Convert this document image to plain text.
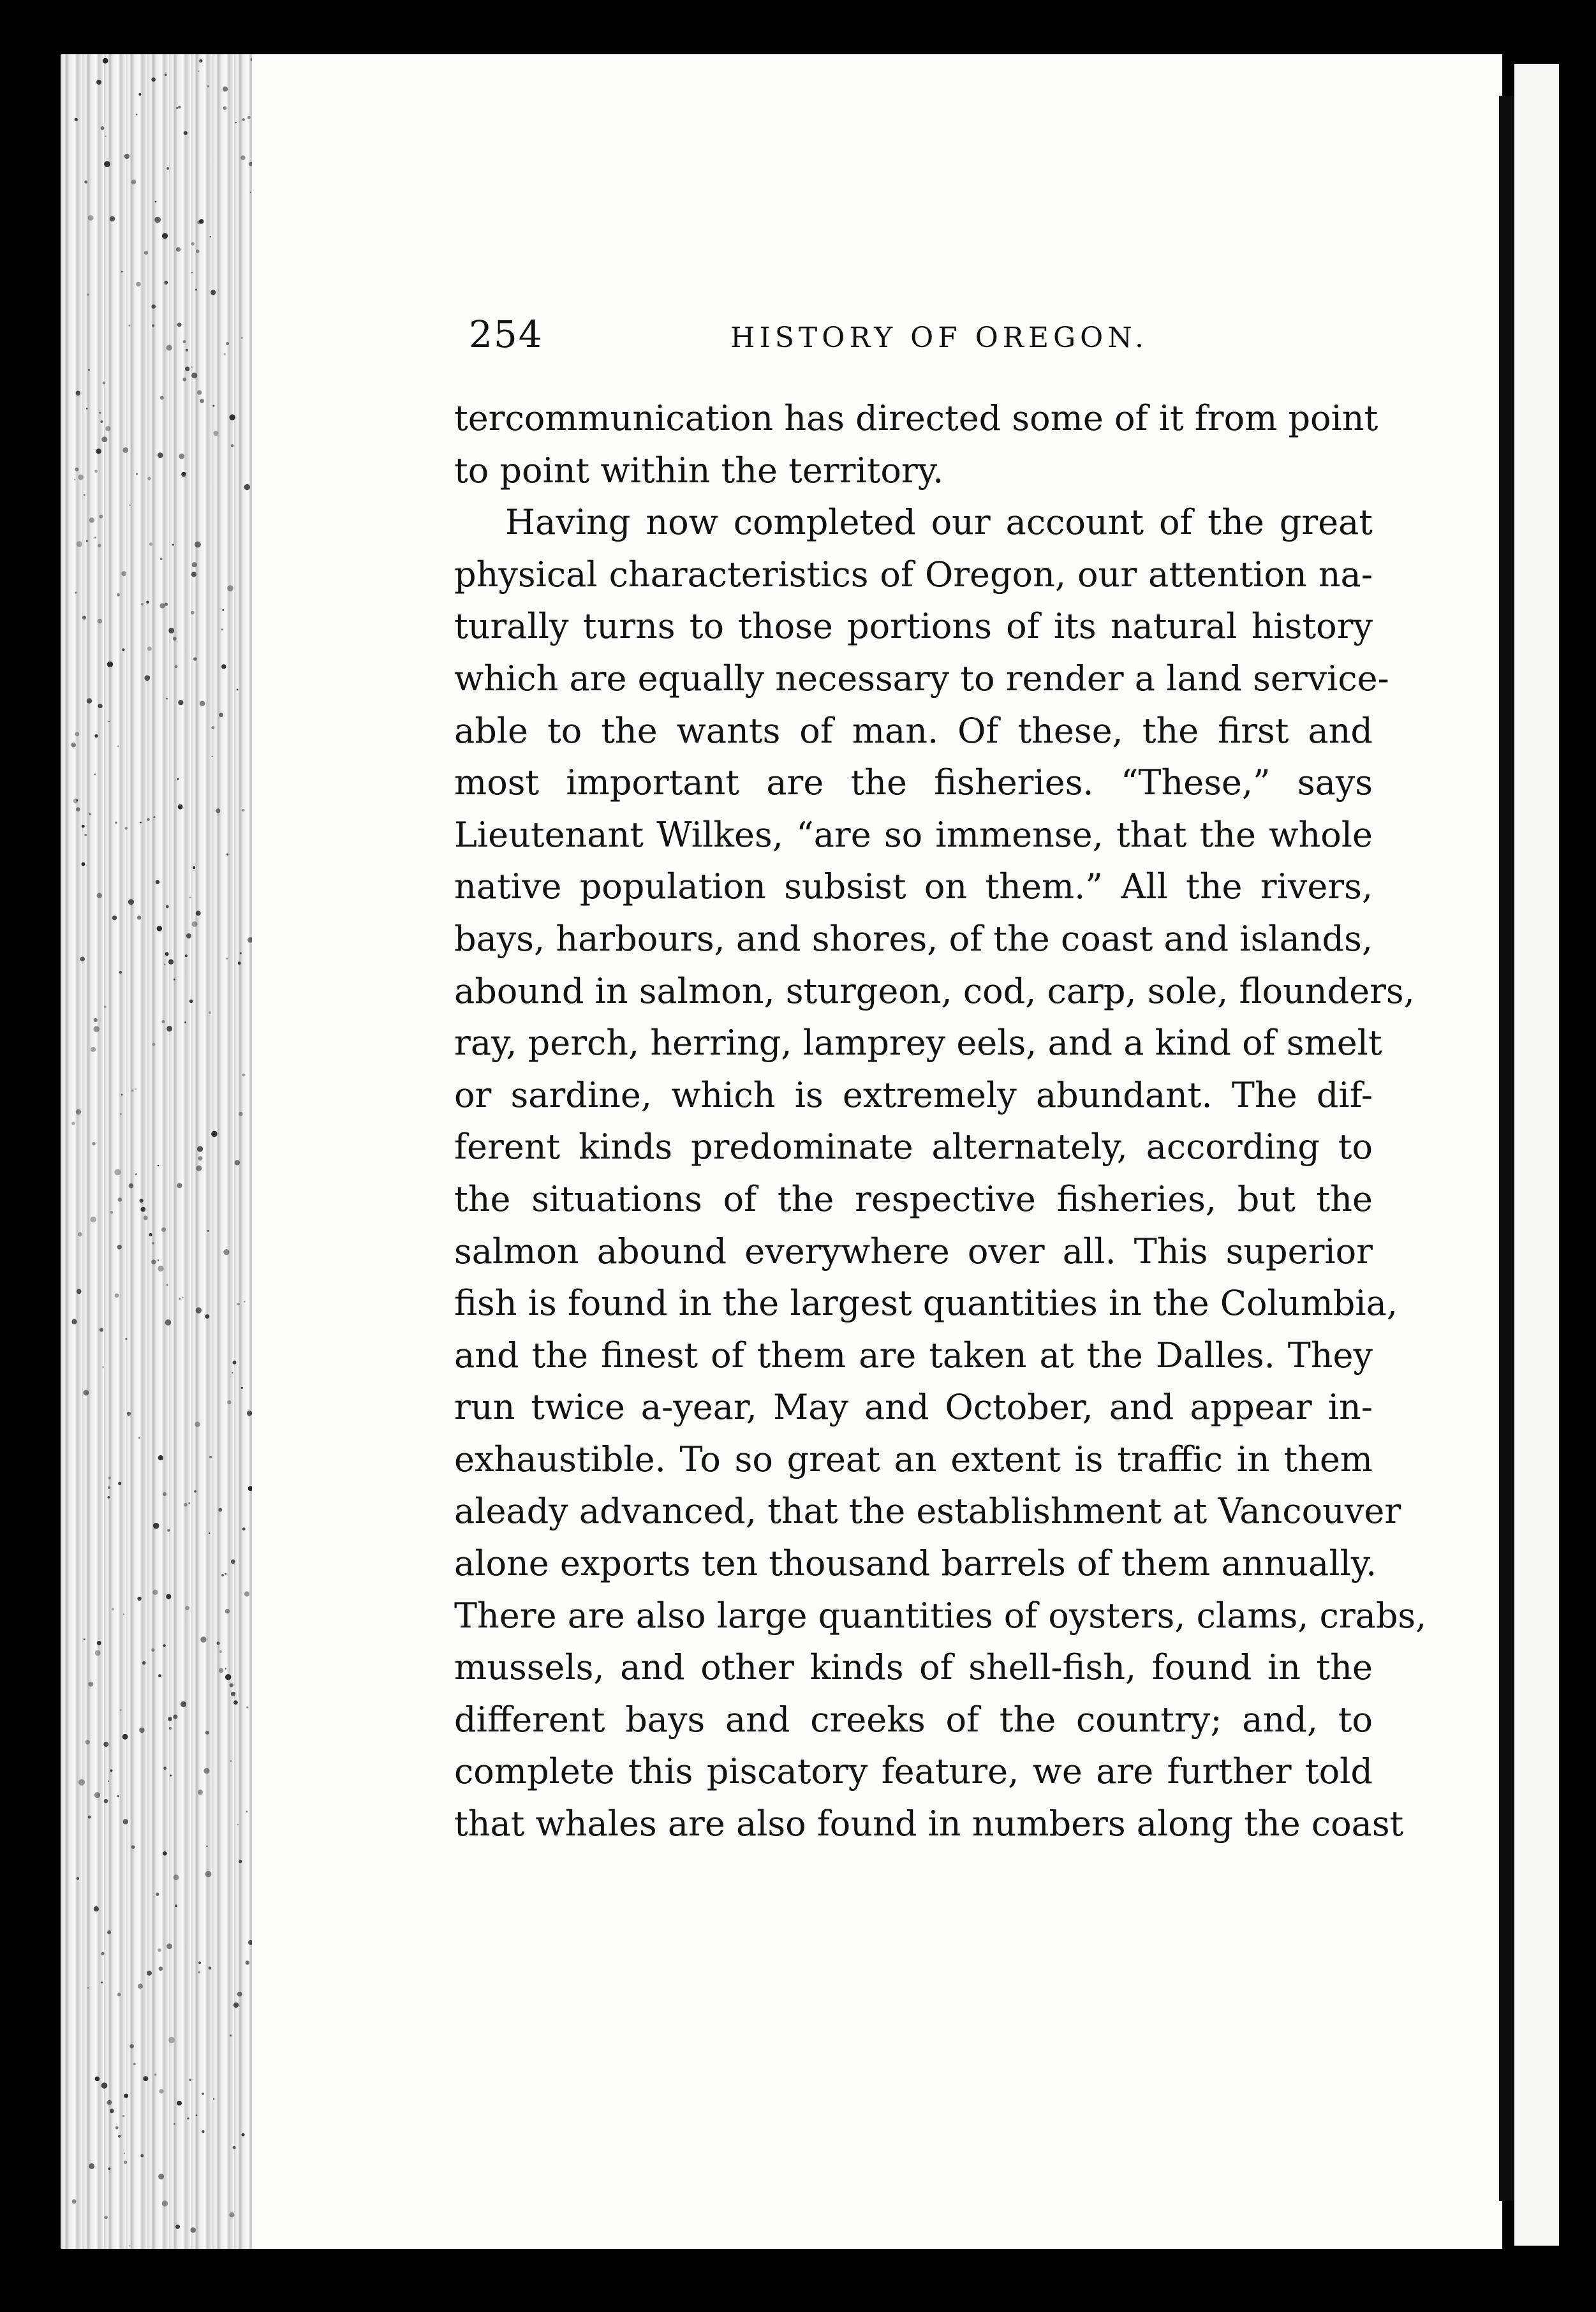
254	HISTORY OF OREGON.
tercommunication has directed some of it from point
to point within the territory.
Having now completed our account of the great
physical characteristics of Oregon, our attention na-
turally turns to those portions of its natural history
which are equally necessary to render a land service-
able to the wants of man. Of these, the first and
most important are the fisheries. “These,” says
Lieutenant Wilkes, “are so immense, that the whole
native population subsist on them.” All the rivers,
bays, harbours, and shores, of the coast and islands,
abound in salmon, sturgeon, cod, carp, sole, flounders,
ray, perch, herring, lamprey eels, and a kind of smelt
or sardine, which is extremely abundant. The dif-
ferent kinds predominate alternately, according to
the situations of the respective fisheries, but the
salmon abound everywhere over all. This superior
fish is found in the largest quantities in the Columbia,
and the finest of them are taken at the Dalles. They
run twice a-year, May and October, and appear in-
exhaustible. To so great an extent is traffic in them
aleady advanced, that the establishment at Vancouver
alone exports ten thousand barrels of them annually.
There are also large quantities of oysters, clams, crabs,
mussels, and other kinds of shell-fish, found in the
different bays and creeks of the country; and, to
complete this piscatory feature, we are further told
that whales are also found in numbers along the coast
